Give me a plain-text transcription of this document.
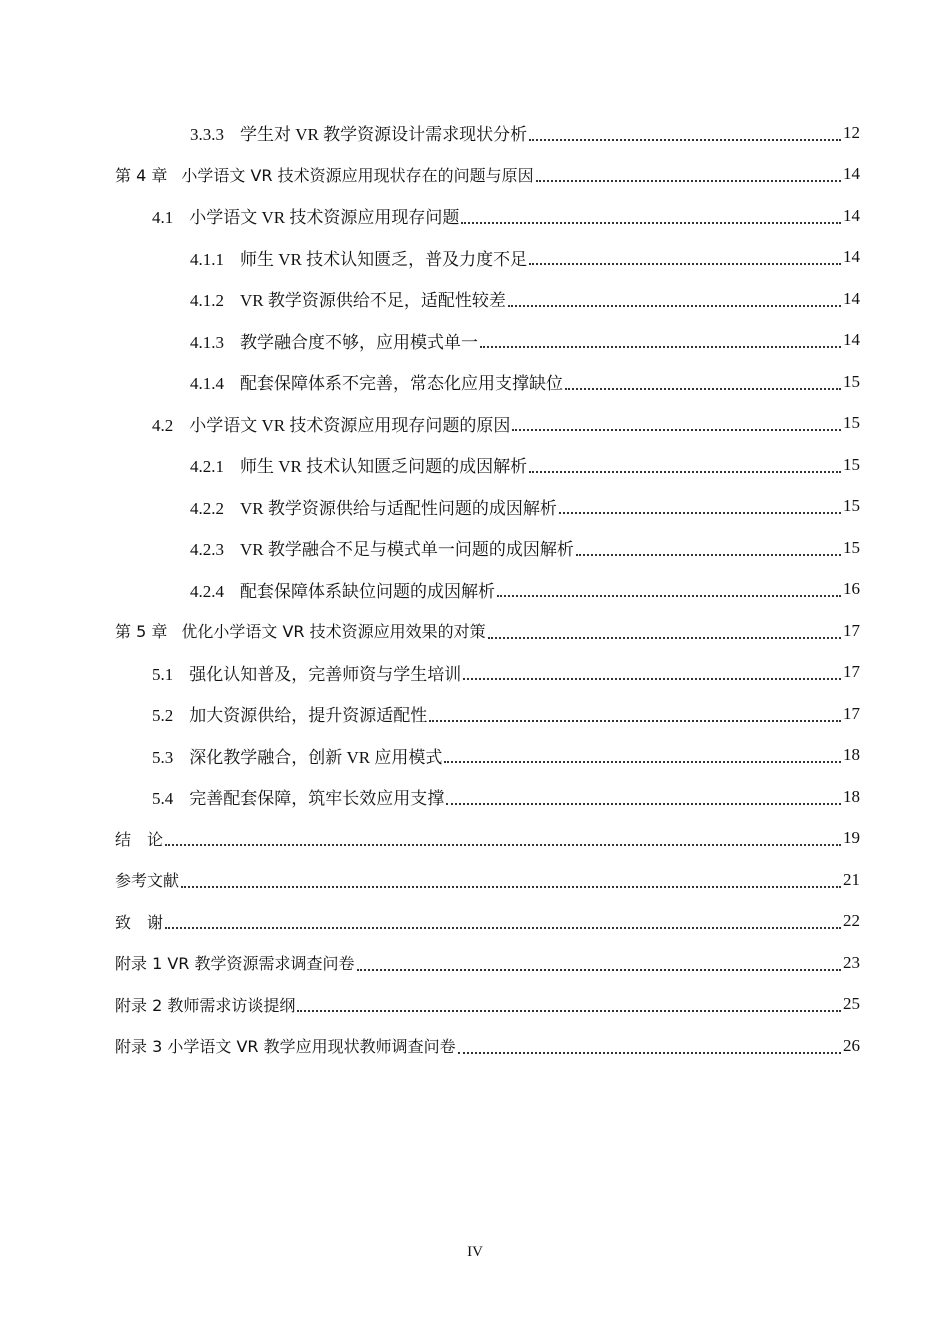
3.3.3 学生对 VR 教学资源设计需求现状分析	12
第 4 章 小学语文 VR 技术资源应用现状存在的问题与原因	14
4.1 小学语文 VR 技术资源应用现存问题	14
4.1.1 师生 VR 技术认知匮乏，普及力度不足	14
4.1.2 VR 教学资源供给不足，适配性较差	14
4.1.3 教学融合度不够，应用模式单一	14
4.1.4 配套保障体系不完善，常态化应用支撑缺位	15
4.2 小学语文 VR 技术资源应用现存问题的原因	15
4.2.1 师生 VR 技术认知匮乏问题的成因解析	15
4.2.2 VR 教学资源供给与适配性问题的成因解析	15
4.2.3 VR 教学融合不足与模式单一问题的成因解析	15
4.2.4 配套保障体系缺位问题的成因解析	16
第 5 章 优化小学语文 VR 技术资源应用效果的对策	17
5.1 强化认知普及，完善师资与学生培训	17
5.2 加大资源供给，提升资源适配性	17
5.3 深化教学融合，创新 VR 应用模式	18
5.4 完善配套保障，筑牢长效应用支撑	18
结　论	19
参考文献	21
致　谢	22
附录 1 VR 教学资源需求调查问卷	23
附录 2 教师需求访谈提纲	25
附录 3 小学语文 VR 教学应用现状教师调查问卷	26
IV
